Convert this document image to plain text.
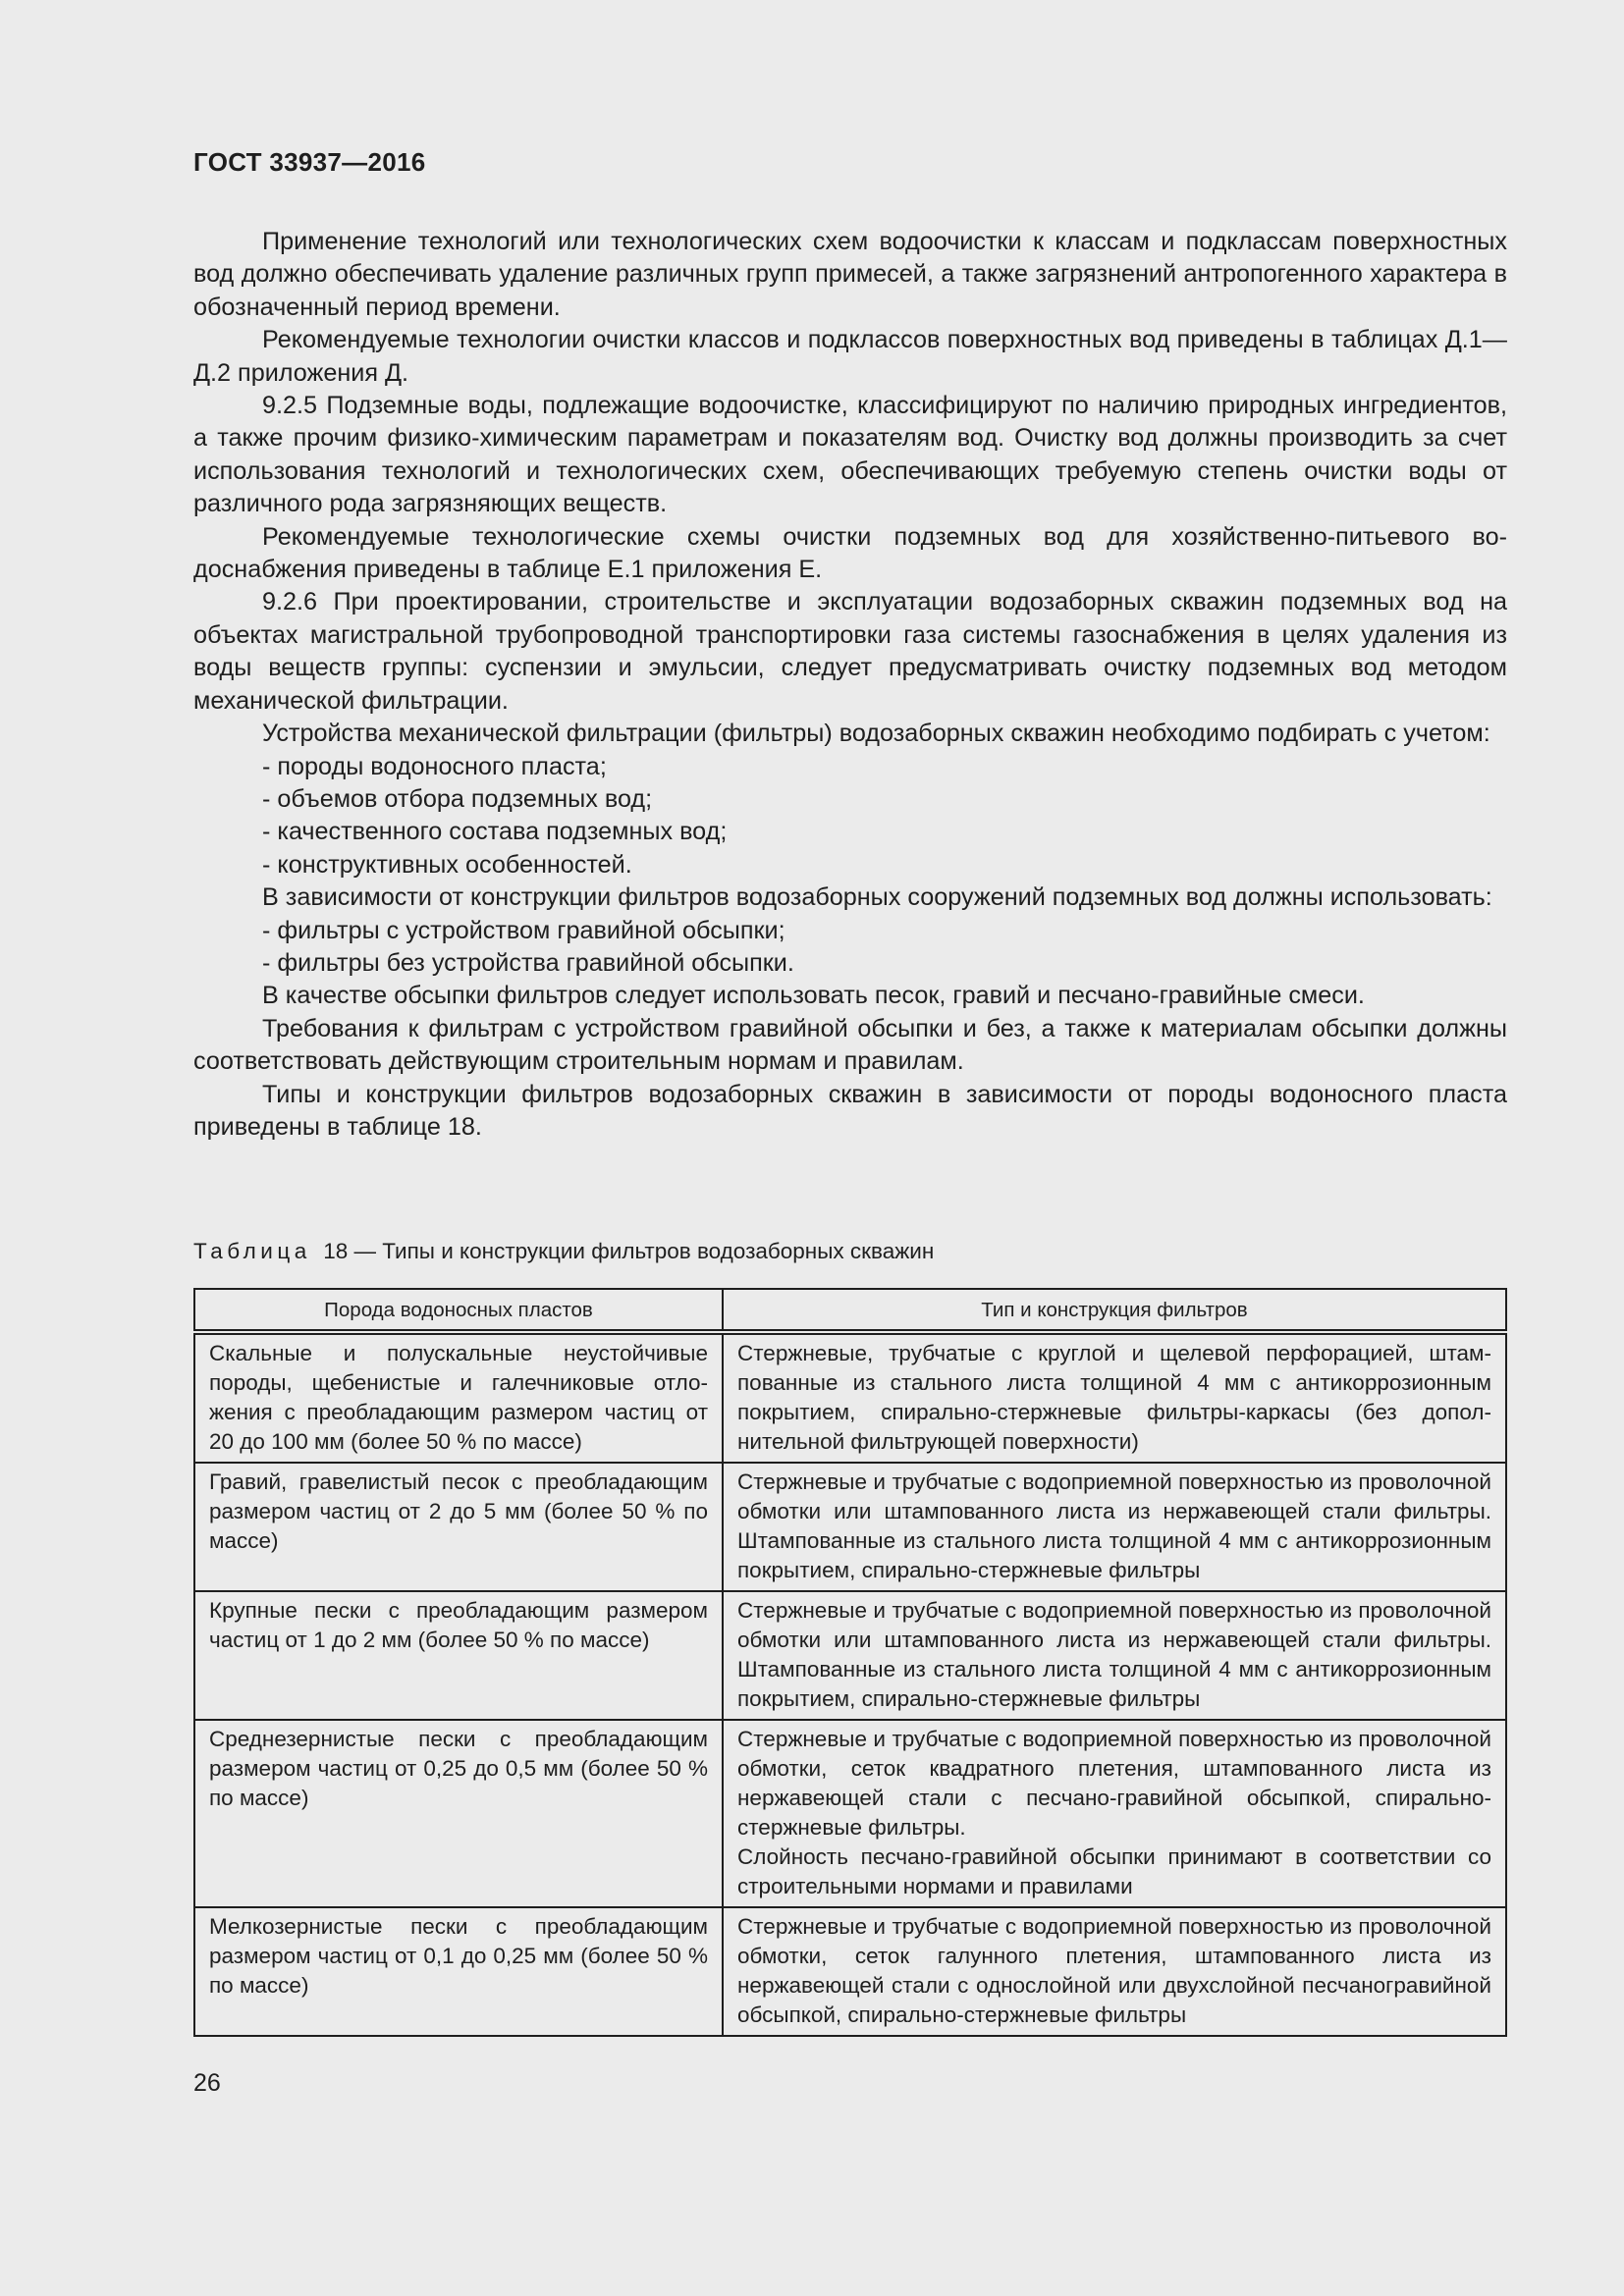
ГОСТ 33937—2016

Применение технологий или технологических схем водоочистки к классам и подклассам поверхностных вод должно обеспечивать удаление различных групп примесей, а также загрязнений антропогенного характера в обозначенный период времени.

Рекомендуемые технологии очистки классов и подклассов поверхностных вод приведены в таблицах Д.1—Д.2 приложения Д.

9.2.5 Подземные воды, подлежащие водоочистке, классифицируют по наличию природных ингредиентов, а также прочим физико-химическим параметрам и показателям вод. Очистку вод должны производить за счет использования технологий и технологических схем, обеспечивающих требуемую степень очистки воды от различного рода загрязняющих веществ.

Рекомендуемые технологические схемы очистки подземных вод для хозяйственно-питьевого водоснабжения приведены в таблице Е.1 приложения Е.

9.2.6 При проектировании, строительстве и эксплуатации водозаборных скважин подземных вод на объектах магистральной трубопроводной транспортировки газа системы газоснабжения в целях удаления из воды веществ группы: суспензии и эмульсии, следует предусматривать очистку подземных вод методом механической фильтрации.

Устройства механической фильтрации (фильтры) водозаборных скважин необходимо подбирать с учетом:

- породы водоносного пласта;

- объемов отбора подземных вод;

- качественного состава подземных вод;

- конструктивных особенностей.

В зависимости от конструкции фильтров водозаборных сооружений подземных вод должны использовать:

- фильтры с устройством гравийной обсыпки;

- фильтры без устройства гравийной обсыпки.

В качестве обсыпки фильтров следует использовать песок, гравий и песчано-гравийные смеси.

Требования к фильтрам с устройством гравийной обсыпки и без, а также к материалам обсыпки должны соответствовать действующим строительным нормам и правилам.

Типы и конструкции фильтров водозаборных скважин в зависимости от породы водоносного пласта приведены в таблице 18.

Таблица 18 — Типы и конструкции фильтров водозаборных скважин
Порода водоносных пластов	Тип и конструкция фильтров
Скальные и полускальные неустойчивые породы, щебенистые и галечниковые отложения с преобладающим размером частиц от 20 до 100 мм (более 50 % по массе)	Стержневые, трубчатые с круглой и щелевой перфорацией, штампованные из стального листа толщиной 4 мм с антикоррозионным покрытием, спирально-стержневые фильтры-каркасы (без дополнительной фильтрующей поверхности)

Гравий, гравелистый песок с преобладающим размером частиц от 2 до 5 мм (более 50 % по массе)	Стержневые и трубчатые с водоприемной поверхностью из проволочной обмотки или штампованного листа из нержавеющей стали фильтры. Штампованные из стального листа толщиной 4 мм с антикоррозионным покрытием, спирально-стержневые фильтры

Крупные пески с преобладающим размером частиц от 1 до 2 мм (более 50 % по массе)	Стержневые и трубчатые с водоприемной поверхностью из проволочной обмотки или штампованного листа из нержавеющей стали фильтры. Штампованные из стального листа толщиной 4 мм с антикоррозионным покрытием, спирально-стержневые фильтры

Среднезернистые пески с преобладающим размером частиц от 0,25 до 0,5 мм (более 50 % по массе)	Стержневые и трубчатые с водоприемной поверхностью из проволочной обмотки, сеток квадратного плетения, штампованного листа из нержавеющей стали с песчано-гравийной обсыпкой, спирально-стержневые фильтры.
Слойность песчано-гравийной обсыпки принимают в соответствии со строительными нормами и правилами

Мелкозернистые пески с преобладающим размером частиц от 0,1 до 0,25 мм (более 50 % по массе)	Стержневые и трубчатые с водоприемной поверхностью из проволочной обмотки, сеток галунного плетения, штампованного листа из нержавеющей стали с однослойной или двухслойной песчаногравийной обсыпкой, спирально-стержневые фильтры
26
